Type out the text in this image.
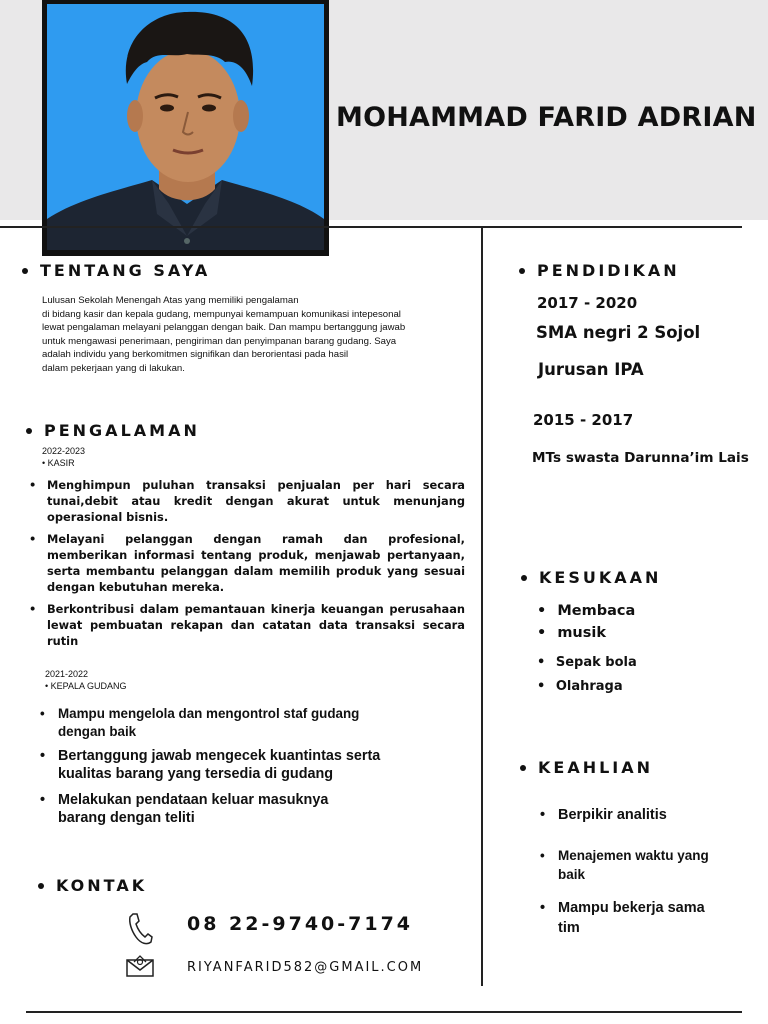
MOHAMMAD FARID ADRIAN
TENTANG SAYA
Lulusan Sekolah Menengah Atas yang memiliki pengalaman
di bidang kasir dan kepala gudang, mempunyai kemampuan komunikasi intepesonal
lewat pengalaman melayani pelanggan dengan baik. Dan mampu bertanggung jawab
untuk mengawasi penerimaan, pengiriman dan penyimpanan barang gudang. Saya
adalah individu yang berkomitmen signifikan dan berorientasi pada hasil
dalam pekerjaan yang di lakukan.
PENGALAMAN
2022-2023
• KASIR
• Menghimpun puluhan transaksi penjualan per hari secara tunai,debit atau kredit dengan akurat untuk menunjang operasional bisnis.
• Melayani pelanggan dengan ramah dan profesional, memberikan informasi tentang produk, menjawab pertanyaan, serta membantu pelanggan dalam memilih produk yang sesuai dengan kebutuhan mereka.
• Berkontribusi dalam pemantauan kinerja keuangan perusahaan lewat pembuatan rekapan dan catatan data transaksi secara rutin
2021-2022
• KEPALA GUDANG
• Mampu mengelola dan mengontrol staf gudang dengan baik
• Bertanggung jawab mengecek kuantintas serta kualitas barang yang tersedia di gudang
• Melakukan pendataan keluar masuknya barang dengan teliti
KONTAK
08 22-9740-7174
RIYANFARID582@GMAIL.COM
PENDIDIKAN
2017 - 2020
SMA negri 2 Sojol
Jurusan IPA
2015 - 2017
MTs swasta Darunna’im Lais
KESUKAAN
• Membaca
• musik
• Sepak bola
• Olahraga
KEAHLIAN
• Berpikir analitis
• Menajemen waktu yang baik
• Mampu bekerja sama tim
